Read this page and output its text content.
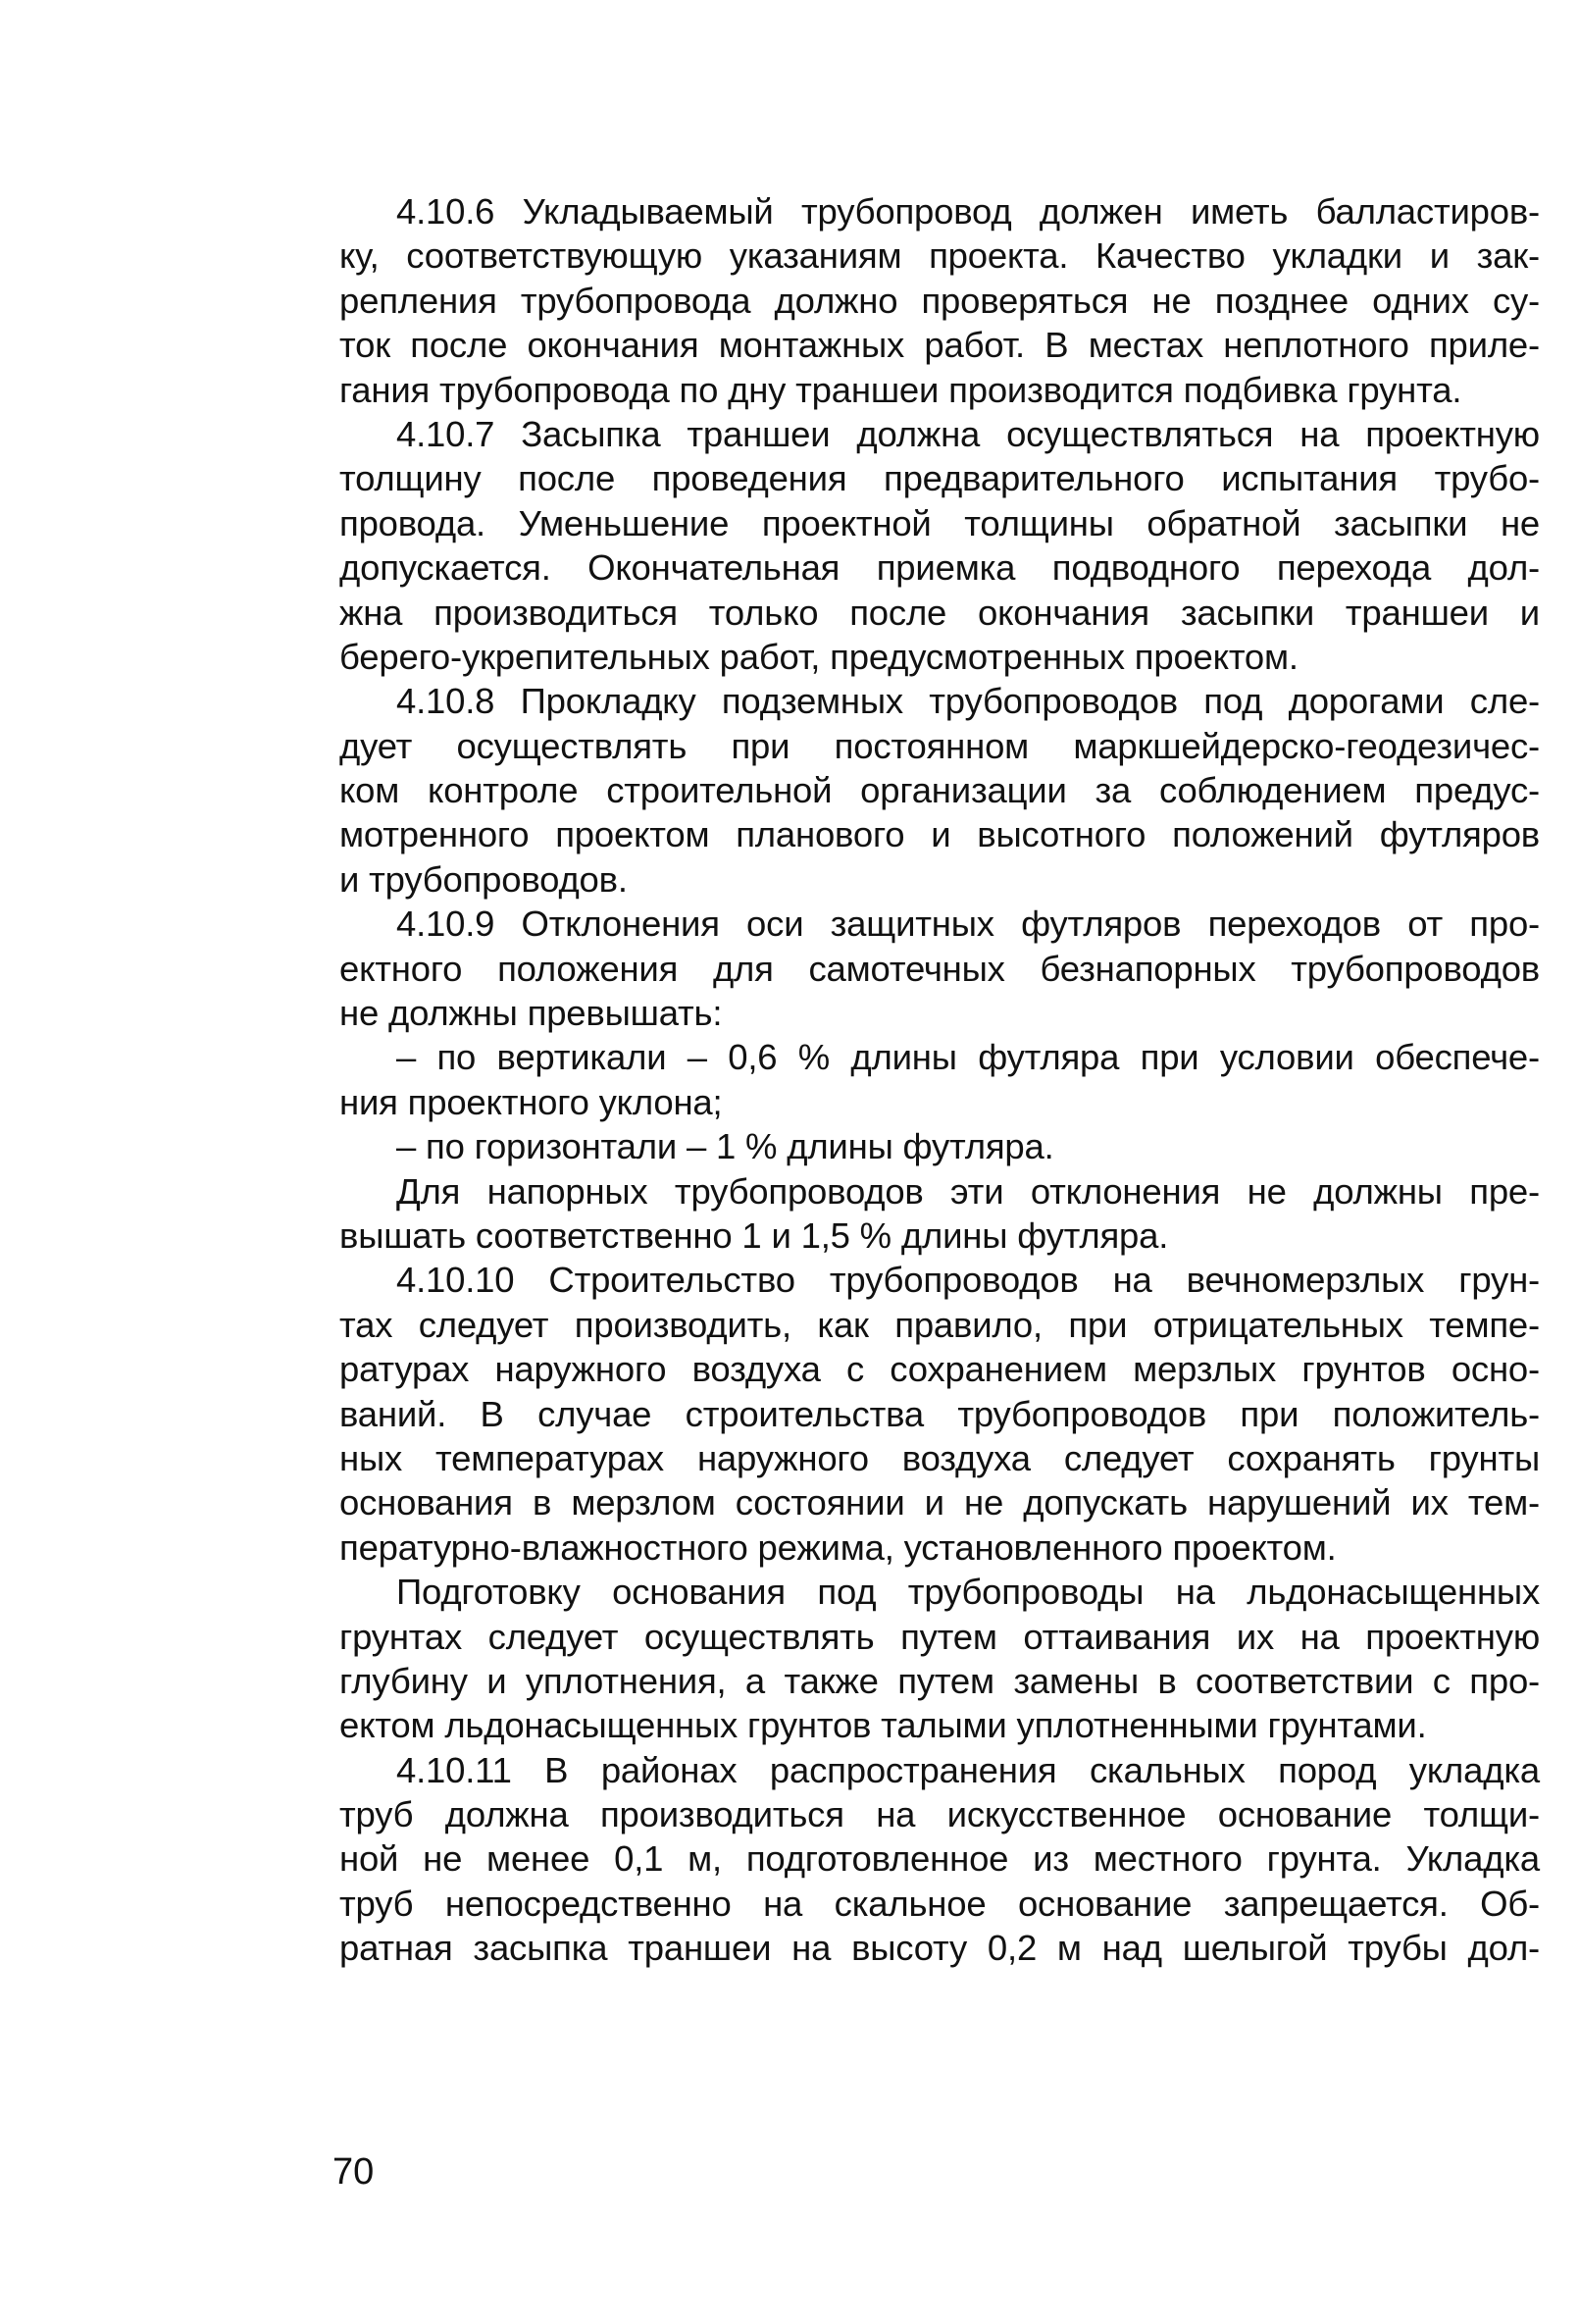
4.10.6 Укладываемый трубопровод должен иметь балластиров-
ку, соответствующую указаниям проекта. Качество укладки и зак-
репления трубопровода должно проверяться не позднее одних су-
ток после окончания монтажных работ. В местах неплотного приле-
гания трубопровода по дну траншеи производится подбивка грунта.
4.10.7 Засыпка траншеи должна осуществляться на проектную
толщину после проведения предварительного испытания трубо-
провода. Уменьшение проектной толщины обратной засыпки не
допускается. Окончательная приемка подводного перехода дол-
жна производиться только после окончания засыпки траншеи и
берего-укрепительных работ, предусмотренных проектом.
4.10.8 Прокладку подземных трубопроводов под дорогами сле-
дует осуществлять при постоянном маркшейдерско-геодезичес-
ком контроле строительной организации за соблюдением предус-
мотренного проектом планового и высотного положений футляров
и трубопроводов.
4.10.9 Отклонения оси защитных футляров переходов от про-
ектного положения для самотечных безнапорных трубопроводов
не должны превышать:
– по вертикали – 0,6 % длины футляра при условии обеспече-
ния проектного уклона;
– по горизонтали – 1 % длины футляра.
Для напорных трубопроводов эти отклонения не должны пре-
вышать соответственно 1 и 1,5 % длины футляра.
4.10.10 Строительство трубопроводов на вечномерзлых грун-
тах следует производить, как правило, при отрицательных темпе-
ратурах наружного воздуха с сохранением мерзлых грунтов осно-
ваний. В случае строительства трубопроводов при положитель-
ных температурах наружного воздуха следует сохранять грунты
основания в мерзлом состоянии и не допускать нарушений их тем-
пературно-влажностного режима, установленного проектом.
Подготовку основания под трубопроводы на льдонасыщенных
грунтах следует осуществлять путем оттаивания их на проектную
глубину и уплотнения, а также путем замены в соответствии с про-
ектом льдонасыщенных грунтов талыми уплотненными грунтами.
4.10.11 В районах распространения скальных пород укладка
труб должна производиться на искусственное основание толщи-
ной не менее 0,1 м, подготовленное из местного грунта. Укладка
труб непосредственно на скальное основание запрещается. Об-
ратная засыпка траншеи на высоту 0,2 м над шелыгой трубы дол-
70
